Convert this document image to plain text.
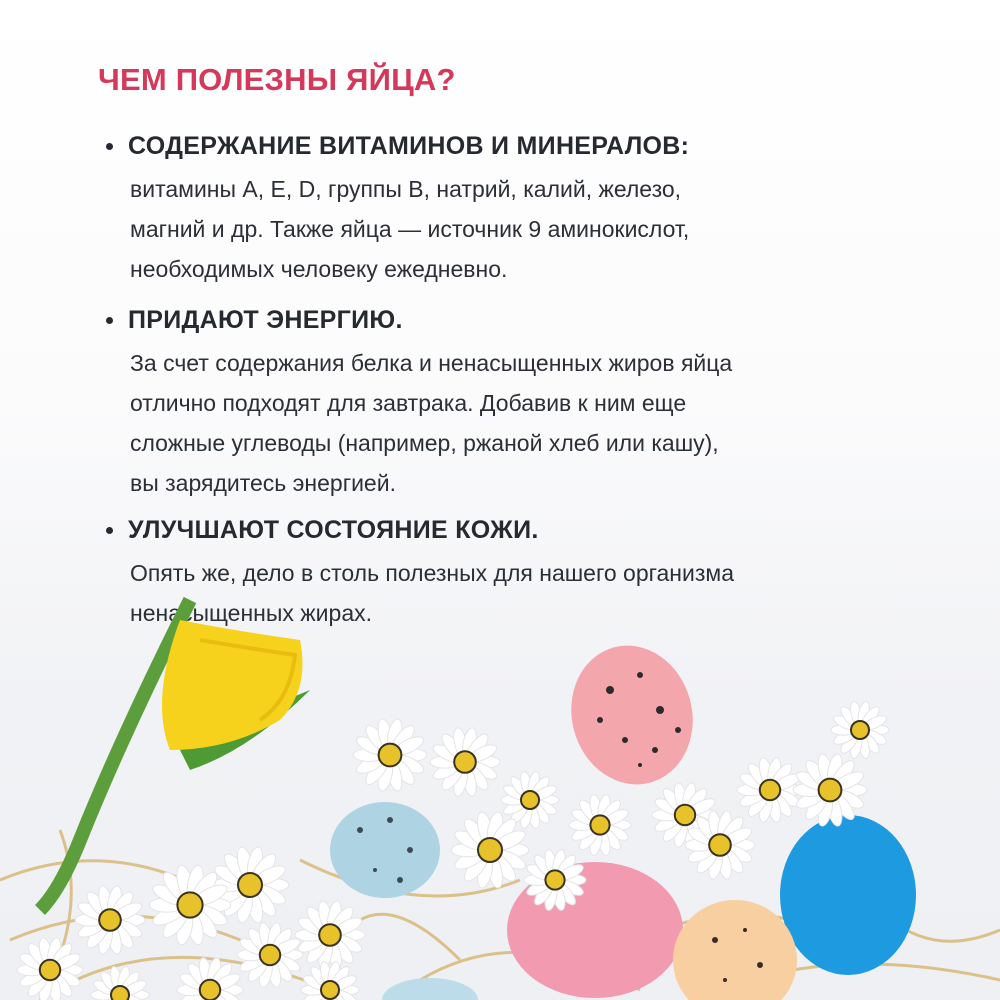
ЧЕМ ПОЛЕЗНЫ ЯЙЦА?
СОДЕРЖАНИЕ ВИТАМИНОВ И МИНЕРАЛОВ:
витамины А, Е, D, группы В, натрий, калий, железо,
магний и др. Также яйца — источник 9 аминокислот,
необходимых человеку ежедневно.
ПРИДАЮТ ЭНЕРГИЮ.
За счет содержания белка и ненасыщенных жиров яйца
отлично подходят для завтрака. Добавив к ним еще
сложные углеводы (например, ржаной хлеб или кашу),
вы зарядитесь энергией.
УЛУЧШАЮТ СОСТОЯНИЕ КОЖИ.
Опять же, дело в столь полезных для нашего организма
ненасыщенных жирах.
